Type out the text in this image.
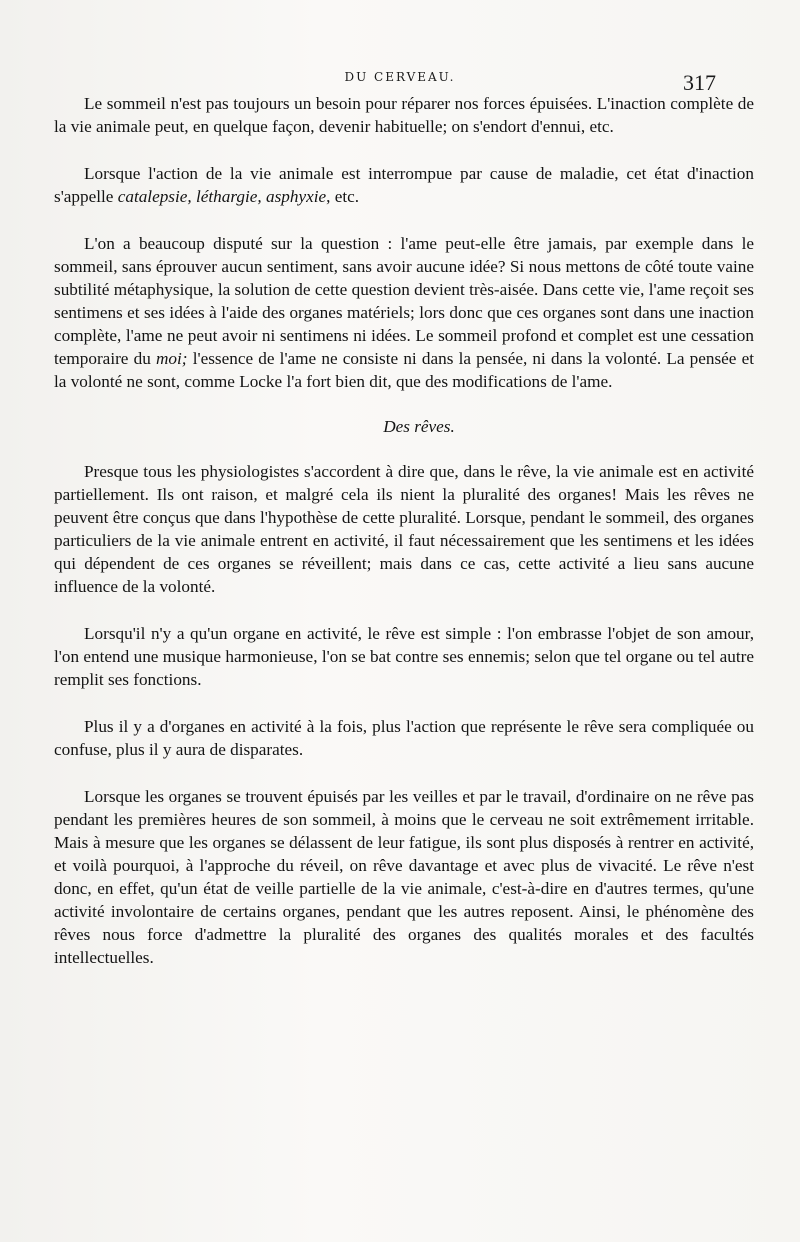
DU CERVEAU.	317

Le sommeil n'est pas toujours un besoin pour réparer nos forces épuisées. L'inaction complète de la vie animale peut, en quelque façon, devenir habituelle; on s'endort d'ennui, etc.

Lorsque l'action de la vie animale est interrompue par cause de maladie, cet état d'inaction s'appelle catalepsie, léthargie, asphyxie, etc.

L'on a beaucoup disputé sur la question : l'ame peut-elle être jamais, par exemple dans le sommeil, sans éprouver aucun sentiment, sans avoir aucune idée? Si nous mettons de côté toute vaine subtilité métaphysique, la solution de cette question devient très-aisée. Dans cette vie, l'ame reçoit ses sentimens et ses idées à l'aide des organes matériels; lors donc que ces organes sont dans une inaction complète, l'ame ne peut avoir ni sentimens ni idées. Le sommeil profond et complet est une cessation temporaire du moi; l'essence de l'ame ne consiste ni dans la pensée, ni dans la volonté. La pensée et la volonté ne sont, comme Locke l'a fort bien dit, que des modifications de l'ame.

Des rêves.

Presque tous les physiologistes s'accordent à dire que, dans le rêve, la vie animale est en activité partiellement. Ils ont raison, et malgré cela ils nient la pluralité des organes! Mais les rêves ne peuvent être conçus que dans l'hypothèse de cette pluralité. Lorsque, pendant le sommeil, des organes particuliers de la vie animale entrent en activité, il faut nécessairement que les sentimens et les idées qui dépendent de ces organes se réveillent; mais dans ce cas, cette activité a lieu sans aucune influence de la volonté.

Lorsqu'il n'y a qu'un organe en activité, le rêve est simple : l'on embrasse l'objet de son amour, l'on entend une musique harmonieuse, l'on se bat contre ses ennemis; selon que tel organe ou tel autre remplit ses fonctions.

Plus il y a d'organes en activité à la fois, plus l'action que représente le rêve sera compliquée ou confuse, plus il y aura de disparates.

Lorsque les organes se trouvent épuisés par les veilles et par le travail, d'ordinaire on ne rêve pas pendant les premières heures de son sommeil, à moins que le cerveau ne soit extrêmement irritable. Mais à mesure que les organes se délassent de leur fatigue, ils sont plus disposés à rentrer en activité, et voilà pourquoi, à l'approche du réveil, on rêve davantage et avec plus de vivacité. Le rêve n'est donc, en effet, qu'un état de veille partielle de la vie animale, c'est-à-dire en d'autres termes, qu'une activité involontaire de certains organes, pendant que les autres reposent. Ainsi, le phénomène des rêves nous force d'admettre la pluralité des organes des qualités morales et des facultés intellectuelles.
